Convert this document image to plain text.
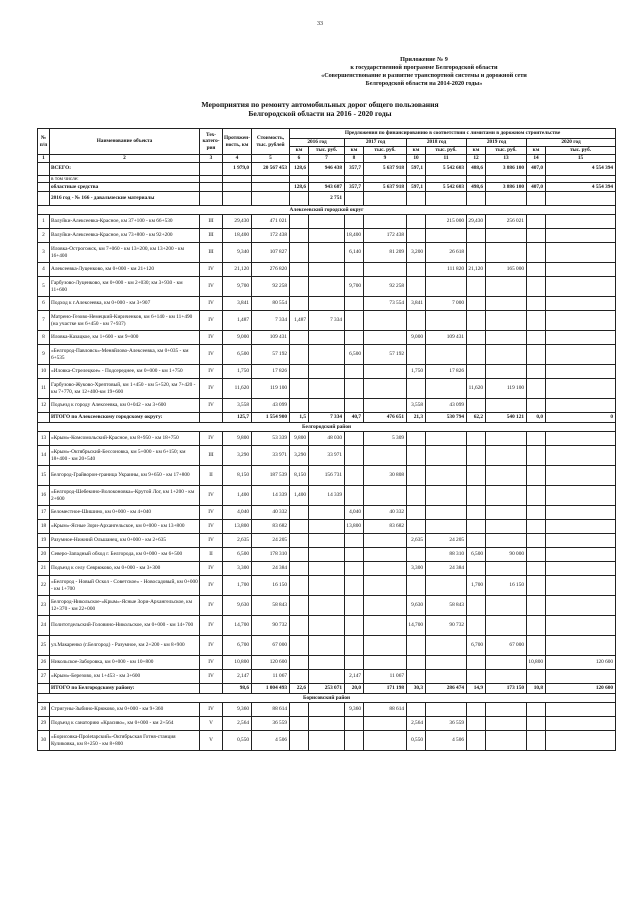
33
Приложение № 9
к государственной программе Белгородской области
«Совершенствование и развитие транспортной системы и дорожной сети
Белгородской области на 2014-2020 годы»
Мероприятия по ремонту автомобильных дорог общего пользования
Белгородской области на 2016 - 2020 годы
№ п/п	Наименование объекта	Тех- катего- рия	Протяжен- ность, км	Стоимость, тыс. рублей	Предложения по финансированию в соответствии с лимитами в дорожном строительстве									
					2016 год		2017 год		2018 год		2019 год		2020 год	
					км	тыс. руб.	км	тыс. руб.	км	тыс. руб.	км	тыс. руб.	км	тыс. руб.
1	2	3	4	5	6	7	8	9	10	11	12	13	14	15
	ВСЕГО:		1 979,0	20 567 453	128,6	946 438	357,7	5 637 918	597,1	5 542 603	488,6	3 886 100	407,0	4 554 394
	в том числе:													
	областные средства				128,6	943 687	357,7	5 637 918	597,1	5 542 603	498,6	3 886 100	407,0	4 554 394
	2016 год - № 166 - давальческие материалы					2 751								
Алексеевский городской округ														
1	Валуйки-Алексеевка-Красное, км 37+100 - км 66+530	III	29,430	471 021						215 000	29,430	256 021		
2	Валуйки-Алексеевка-Красное, км 73+800 - км 92+200	III	18,400	172 438			18,400	172 438						
3	Иловка-Острогожск, км 7+060 - км 13+200, км 13+200 - км 16+400	III	9,340	107 827			6,140	81 209	3,200	26 618				
4	Алексеевка-Луценково, км 0+000 - км 21+120	IV	21,120	276 820						111 820	21,120	165 000		
5	Гарбузово-Луценково, км 0+000 - км 2+030; км 3+930 - км 11+600	IV	9,700	92 258			9,700	92 258						
6	Подход к г.Алексеевка, км 0+000 - км 3+907	IV	3,841	80 554				73 554	3,841	7 000				
7	Матрено-Гезово-Немецкий-Кириченков, км 6+140 - км 11+490 (на участке км 6+450 - км 7+937)	IV	1,487	7 334	1,487	7 334								
8	Иловка-Казацкое, км 1+600 - км 9+000	IV	9,000	109 431					9,000	109 431				
9	«Белгород-Павловск»-Меняйлово-Алексеевка, км 0+035 - км 6+535	IV	6,500	57 192			6,500	57 192						
10	«Иловка-Стрелецкое» - Подсереднее, км 0+000 - км 1+750	IV	1,750	17 826					1,750	17 826				
11	Гарбузово-Жуково-Хрептовый, км 1+450 - км 5+520, км 7+420 - км 7+770, км 12+400-км 19+600	IV	11,620	119 100							11,620	119 100		
12	Подъезд к городу Алексеевка, км 0+042 - км 3+600	IV	3,558	43 099					3,558	43 099				
	ИТОГО по Алексеевскому городскому округу:		125,7	1 554 900	1,5	7 334	40,7	476 651	21,3	530 794	62,2	540 121	0,0	0
Белгородский район														
13	«Крым»-Комсомольский-Красное, км 8+950 - км 18+750	IV	9,800	53 339	9,800	48 030		5 309						
14	«Крым»-Октябрьский-Бессоновка, км 5+000 - км 6+150; км 18+400 - км 20+540	III	3,290	33 971	3,290	33 971								
15	Белгород-Грайворон-граница Украины, км 9+650 - км 17+800	II	8,150	187 539	8,150	156 731		30 808						
16	«Белгород-Шебекино-Волоконовка»-Крутой Лог, км 1+200 - км 2+600	IV	1,400	14 339	1,400	14 339								
17	Беломестное-Шишино, км 0+000 - км 4+040	IV	4,040	40 332			4,040	40 332						
18	«Крым»-Ясные Зори-Архангельское, км 0+000 - км 13+800	IV	13,800	83 682			13,800	83 682						
19	Разумное-Нижний Ольшанец, км 0+000 - км 2+635	IV	2,635	24 205					2,635	24 205				
20	Северо-Западный обход г. Белгорода, км 0+000 - км 6+500	II	6,500	178 310						88 310	6,500	90 000		
21	Подъезд к селу Севрюково, км 0+000 - км 3+300	IV	3,300	24 384					3,300	24 384				
22	«Белгород - Новый Оскол - Советское» - Новосадовый, км 0+000 - км 1+700	IV	1,700	16 150							1,700	16 150		
23	Белгород-Никольское-«Крым»-Ясные Зори-Архангельское, км 12+370 - км 22+000	IV	9,630	58 843					9,630	58 843				
24	Политотдельский-Головино-Никольское, км 0+000 - км 14+700	IV	14,700	90 732					14,700	90 732				
25	ул.Макаренко (г.Белгород) - Разумное, км 2+200 - км 8+900	IV	6,700	67 000							6,700	67 000		
26	Никольское-Заборовка, км 0+000 - км 10+800	IV	10,800	120 600									10,800	120 600
27	«Крым»-Березово, км 1+453 - км 3+600	IV	2,147	11 067			2,147	11 067						
	ИТОГО по Белгородскому району:		98,6	1 004 493	22,6	253 071	20,0	171 198	30,3	286 474	14,9	173 150	10,8	120 600
Борисовский район														
28	Стригуны-Зыбино-Крюково, км 0+000 - км 9+360	IV	9,360	88 614			9,360	88 614						
29	Подъезд к санаторию «Красиво», км 0+000 - км 2+564	V	2,564	36 559					2,564	36 559				
30	«Борисовка-Проletарский»-Октябрьская Готня-станция Куликовка, км 8+250 - км 8+800	V	0,550	4 506					0,550	4 506				
